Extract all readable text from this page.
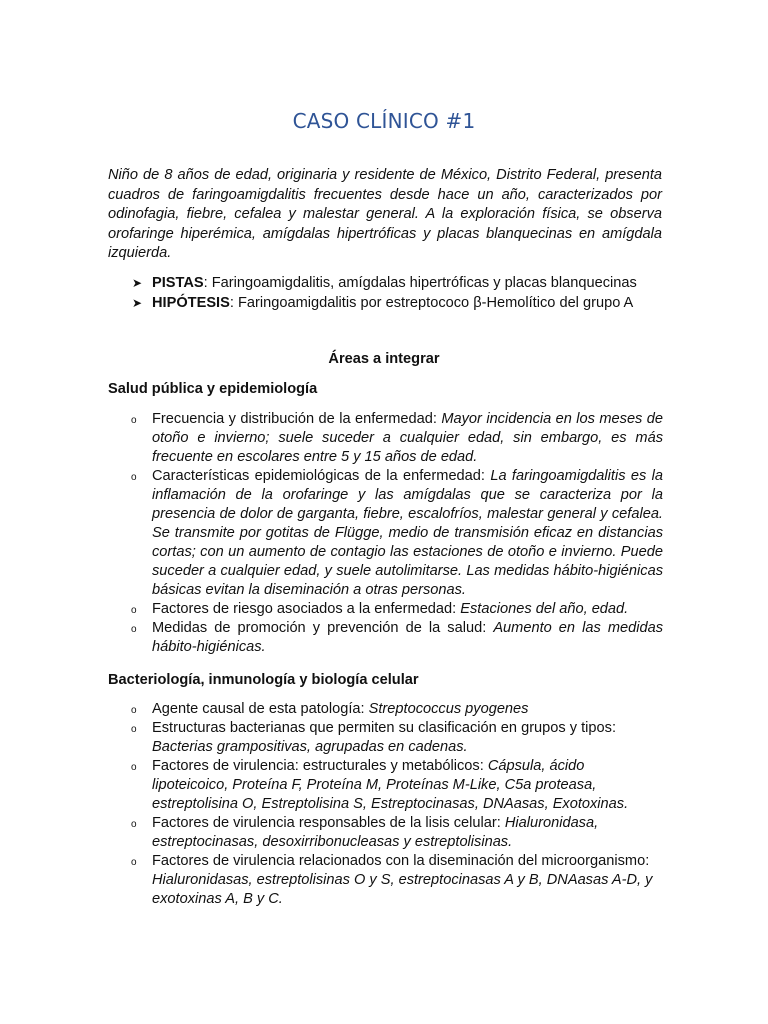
CASO CLÍNICO #1

Niño de 8 años de edad, originaria y residente de México, Distrito Federal, presenta cuadros de faringoamigdalitis frecuentes desde hace un año, caracterizados por odinofagia, fiebre, cefalea y malestar general. A la exploración física, se observa orofaringe hiperémica, amígdalas hipertróficas y placas blanquecinas en amígdala izquierda.

➤ PISTAS: Faringoamigdalitis, amígdalas hipertróficas y placas blanquecinas
➤ HIPÓTESIS: Faringoamigdalitis por estreptococo β-Hemolítico del grupo A
Áreas a integrar
Salud pública y epidemiología
o Frecuencia y distribución de la enfermedad: Mayor incidencia en los meses de otoño e invierno; suele suceder a cualquier edad, sin embargo, es más frecuente en escolares entre 5 y 15 años de edad.
o Características epidemiológicas de la enfermedad: La faringoamigdalitis es la inflamación de la orofaringe y las amígdalas que se caracteriza por la presencia de dolor de garganta, fiebre, escalofríos, malestar general y cefalea. Se transmite por gotitas de Flügge, medio de transmisión eficaz en distancias cortas; con un aumento de contagio las estaciones de otoño e invierno. Puede suceder a cualquier edad, y suele autolimitarse. Las medidas hábito-higiénicas básicas evitan la diseminación a otras personas.
o Factores de riesgo asociados a la enfermedad: Estaciones del año, edad.
o Medidas de promoción y prevención de la salud: Aumento en las medidas hábito-higiénicas.
Bacteriología, inmunología y biología celular
o Agente causal de esta patología: Streptococcus pyogenes
o Estructuras bacterianas que permiten su clasificación en grupos y tipos: Bacterias grampositivas, agrupadas en cadenas.
o Factores de virulencia: estructurales y metabólicos: Cápsula, ácido lipoteicoico, Proteína F, Proteína M, Proteínas M-Like, C5a proteasa, estreptolisina O, Estreptolisina S, Estreptocinasas, DNAasas, Exotoxinas.
o Factores de virulencia responsables de la lisis celular: Hialuronidasa, estreptocinasas, desoxirribonucleasas y estreptolisinas.
o Factores de virulencia relacionados con la diseminación del microorganismo: Hialuronidasas, estreptolisinas O y S, estreptocinasas A y B, DNAasas A-D, y exotoxinas A, B y C.
